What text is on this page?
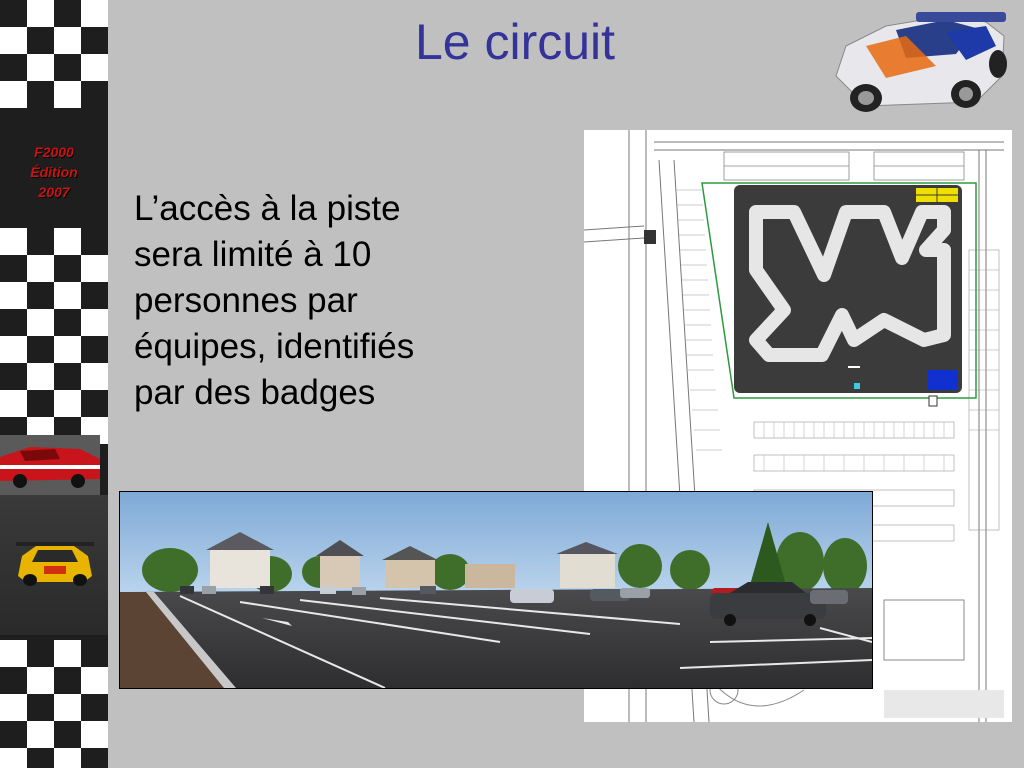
F2000
Édition
2007
Le circuit
L’accès à la piste
sera limité à 10
personnes par
équipes, identifiés
par des badges
